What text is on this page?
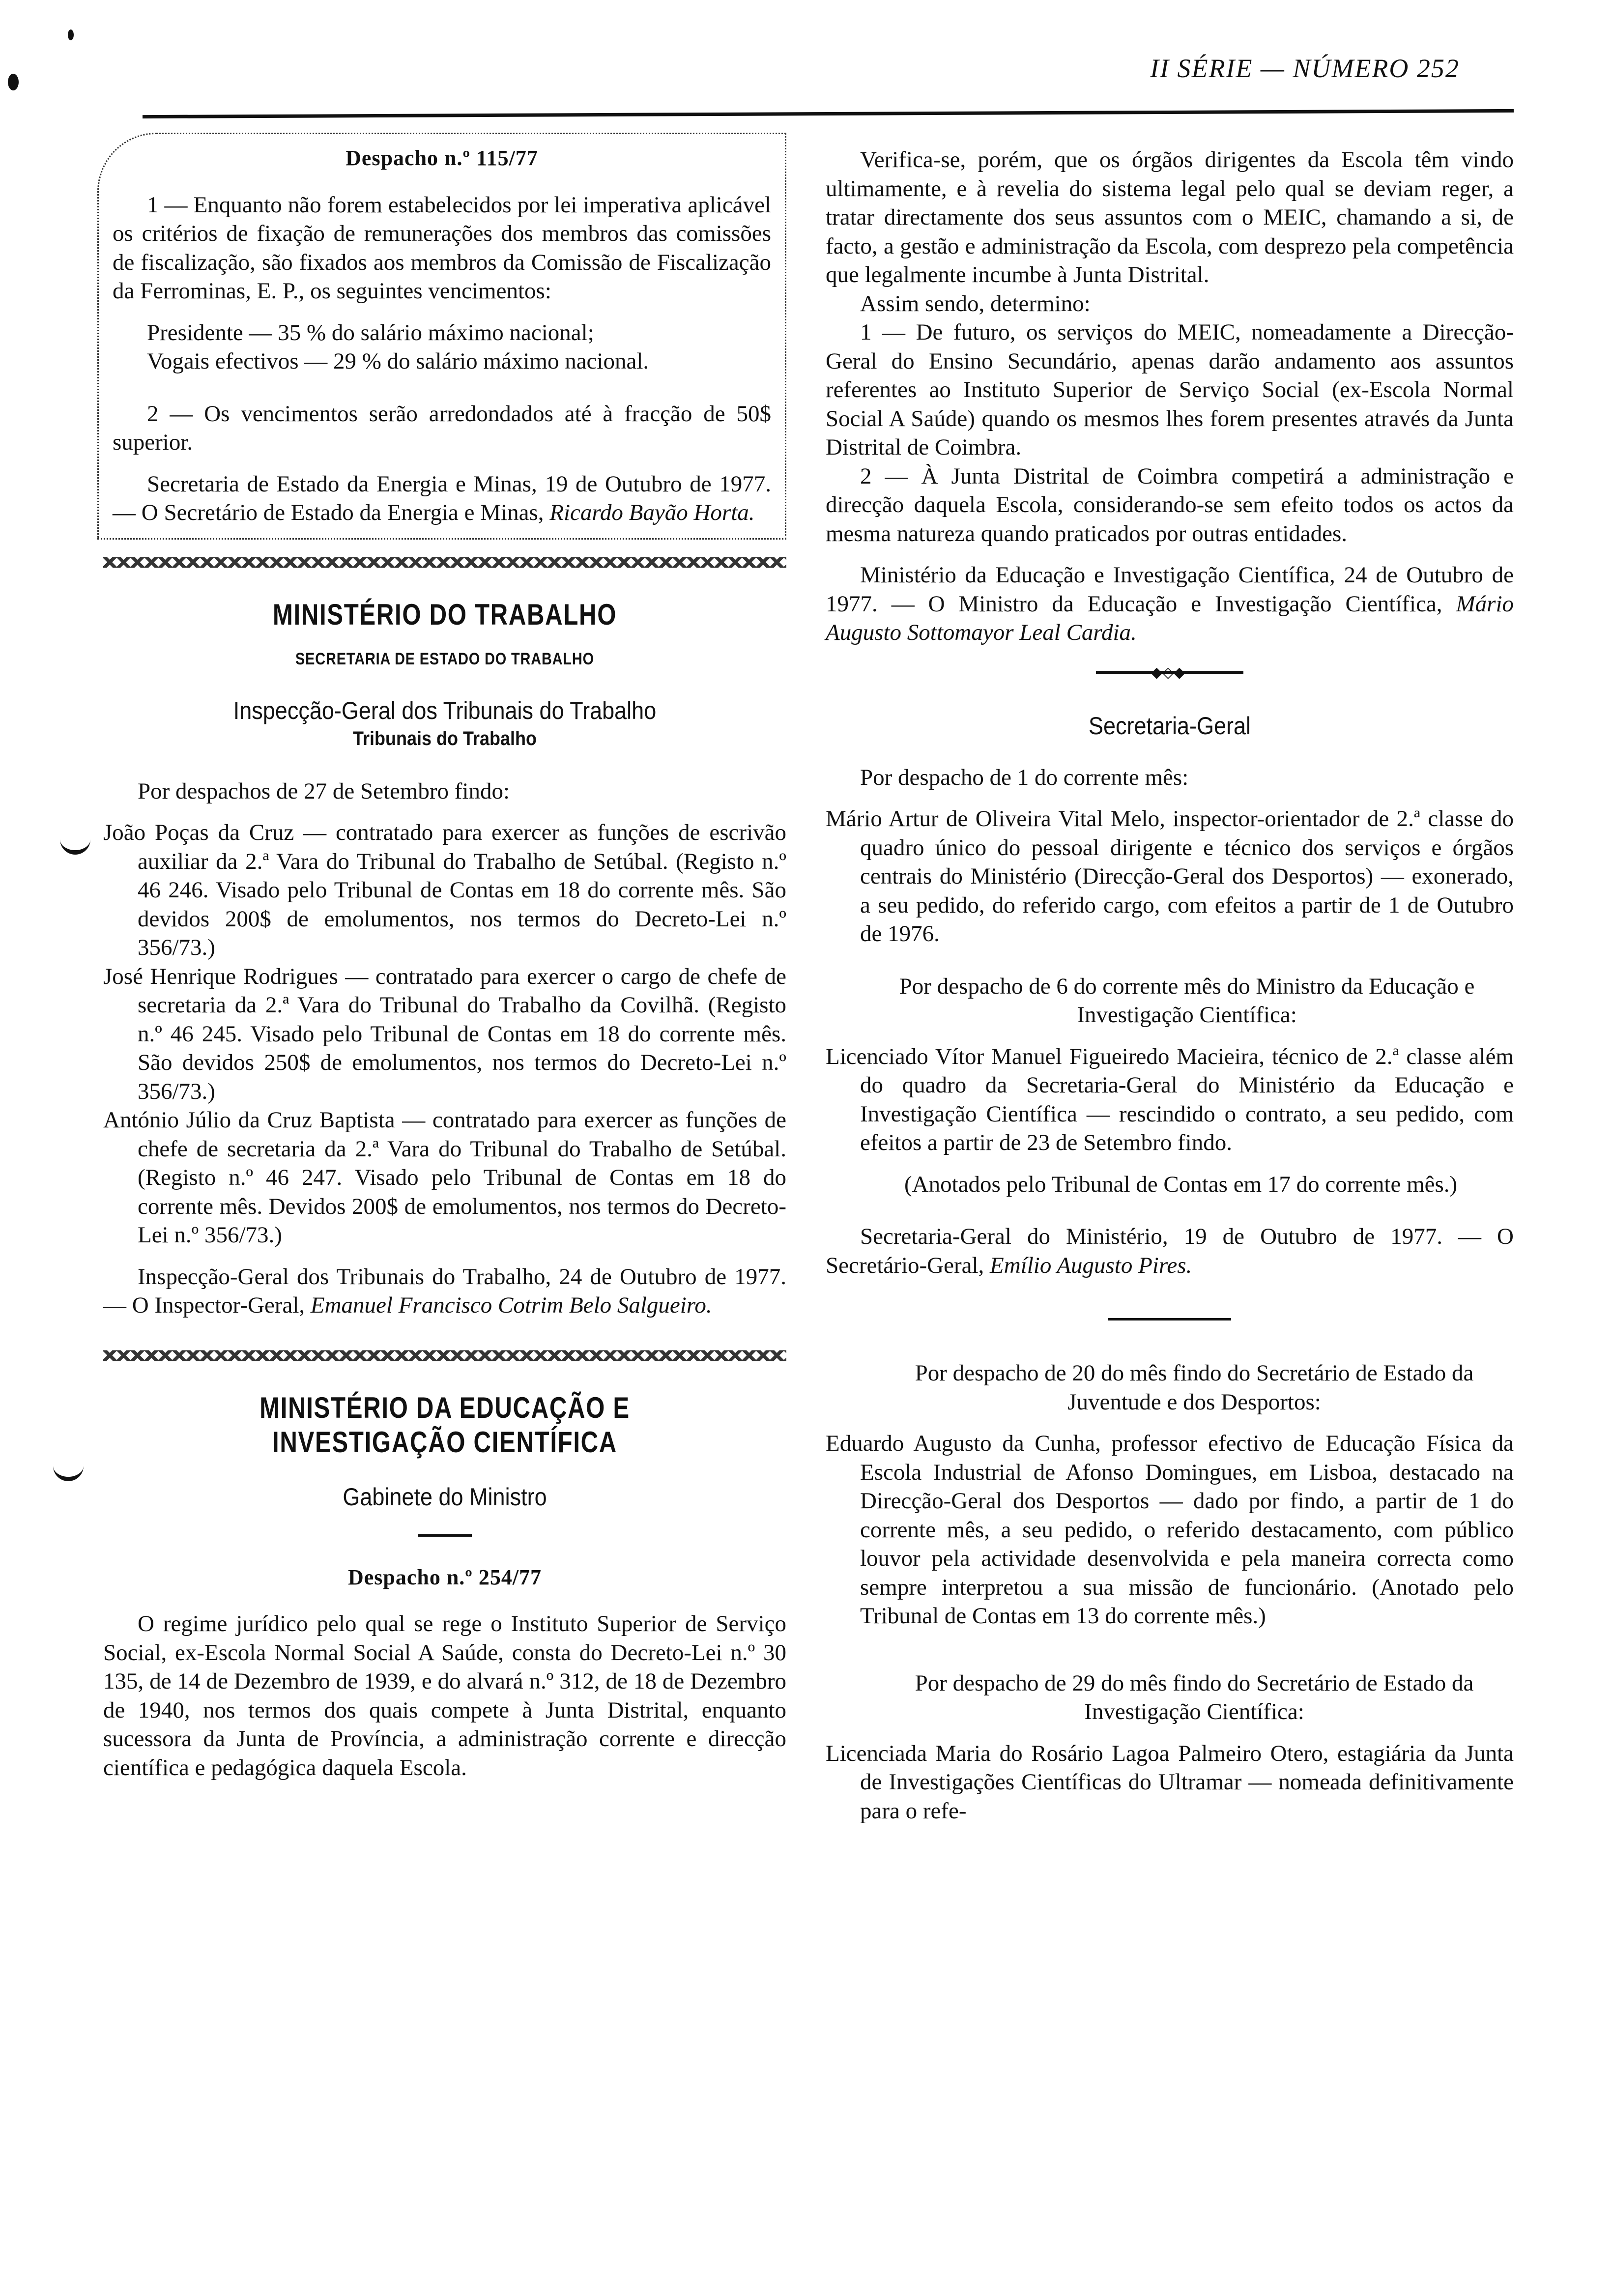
II SÉRIE — NÚMERO 252
Despacho n.º 115/77

1 — Enquanto não forem estabelecidos por lei imperativa aplicável os critérios de fixação de remunerações dos membros das comissões de fiscalização, são fixados aos membros da Comissão de Fiscalização da Ferrominas, E. P., os seguintes vencimentos:

Presidente — 35 % do salário máximo nacional;

Vogais efectivos — 29 % do salário máximo nacional.

2 — Os vencimentos serão arredondados até à fracção de 50$ superior.

Secretaria de Estado da Energia e Minas, 19 de Outubro de 1977. — O Secretário de Estado da Energia e Minas, Ricardo Bayão Horta.

MINISTÉRIO DO TRABALHO
SECRETARIA DE ESTADO DO TRABALHO
Inspecção-Geral dos Tribunais do Trabalho
Tribunais do Trabalho

Por despachos de 27 de Setembro findo:

João Poças da Cruz — contratado para exercer as funções de escrivão auxiliar da 2.ª Vara do Tribunal do Trabalho de Setúbal. (Registo n.º 46 246. Visado pelo Tribunal de Contas em 18 do corrente mês. São devidos 200$ de emolumentos, nos termos do Decreto-Lei n.º 356/73.)

José Henrique Rodrigues — contratado para exercer o cargo de chefe de secretaria da 2.ª Vara do Tribunal do Trabalho da Covilhã. (Registo n.º 46 245. Visado pelo Tribunal de Contas em 18 do corrente mês. São devidos 250$ de emolumentos, nos termos do Decreto-Lei n.º 356/73.)

António Júlio da Cruz Baptista — contratado para exercer as funções de chefe de secretaria da 2.ª Vara do Tribunal do Trabalho de Setúbal. (Registo n.º 46 247. Visado pelo Tribunal de Contas em 18 do corrente mês. Devidos 200$ de emolumentos, nos termos do Decreto-Lei n.º 356/73.)

Inspecção-Geral dos Tribunais do Trabalho, 24 de Outubro de 1977. — O Inspector-Geral, Emanuel Francisco Cotrim Belo Salgueiro.

MINISTÉRIO DA EDUCAÇÃO E INVESTIGAÇÃO CIENTÍFICA
Gabinete do Ministro
Despacho n.º 254/77

O regime jurídico pelo qual se rege o Instituto Superior de Serviço Social, ex-Escola Normal Social A Saúde, consta do Decreto-Lei n.º 30 135, de 14 de Dezembro de 1939, e do alvará n.º 312, de 18 de Dezembro de 1940, nos termos dos quais compete à Junta Distrital, enquanto sucessora da Junta de Província, a administração corrente e direcção científica e pedagógica daquela Escola.

Verifica-se, porém, que os órgãos dirigentes da Escola têm vindo ultimamente, e à revelia do sistema legal pelo qual se deviam reger, a tratar directamente dos seus assuntos com o MEIC, chamando a si, de facto, a gestão e administração da Escola, com desprezo pela competência que legalmente incumbe à Junta Distrital.

Assim sendo, determino:

1 — De futuro, os serviços do MEIC, nomeadamente a Direcção-Geral do Ensino Secundário, apenas darão andamento aos assuntos referentes ao Instituto Superior de Serviço Social (ex-Escola Normal Social A Saúde) quando os mesmos lhes forem presentes através da Junta Distrital de Coimbra.

2 — À Junta Distrital de Coimbra competirá a administração e direcção daquela Escola, considerando-se sem efeito todos os actos da mesma natureza quando praticados por outras entidades.

Ministério da Educação e Investigação Científica, 24 de Outubro de 1977. — O Ministro da Educação e Investigação Científica, Mário Augusto Sottomayor Leal Cardia.

◆◇◆
Secretaria-Geral

Por despacho de 1 do corrente mês:

Mário Artur de Oliveira Vital Melo, inspector-orientador de 2.ª classe do quadro único do pessoal dirigente e técnico dos serviços e órgãos centrais do Ministério (Direcção-Geral dos Desportos) — exonerado, a seu pedido, do referido cargo, com efeitos a partir de 1 de Outubro de 1976.

Por despacho de 6 do corrente mês do Ministro da Educação e Investigação Científica:

Licenciado Vítor Manuel Figueiredo Macieira, técnico de 2.ª classe além do quadro da Secretaria-Geral do Ministério da Educação e Investigação Científica — rescindido o contrato, a seu pedido, com efeitos a partir de 23 de Setembro findo.

(Anotados pelo Tribunal de Contas em 17 do corrente mês.)

Secretaria-Geral do Ministério, 19 de Outubro de 1977. — O Secretário-Geral, Emílio Augusto Pires.

Por despacho de 20 do mês findo do Secretário de Estado da Juventude e dos Desportos:

Eduardo Augusto da Cunha, professor efectivo de Educação Física da Escola Industrial de Afonso Domingues, em Lisboa, destacado na Direcção-Geral dos Desportos — dado por findo, a partir de 1 do corrente mês, a seu pedido, o referido destacamento, com público louvor pela actividade desenvolvida e pela maneira correcta como sempre interpretou a sua missão de funcionário. (Anotado pelo Tribunal de Contas em 13 do corrente mês.)

Por despacho de 29 do mês findo do Secretário de Estado da Investigação Científica:

Licenciada Maria do Rosário Lagoa Palmeiro Otero, estagiária da Junta de Investigações Científicas do Ultramar — nomeada definitivamente para o refe-
